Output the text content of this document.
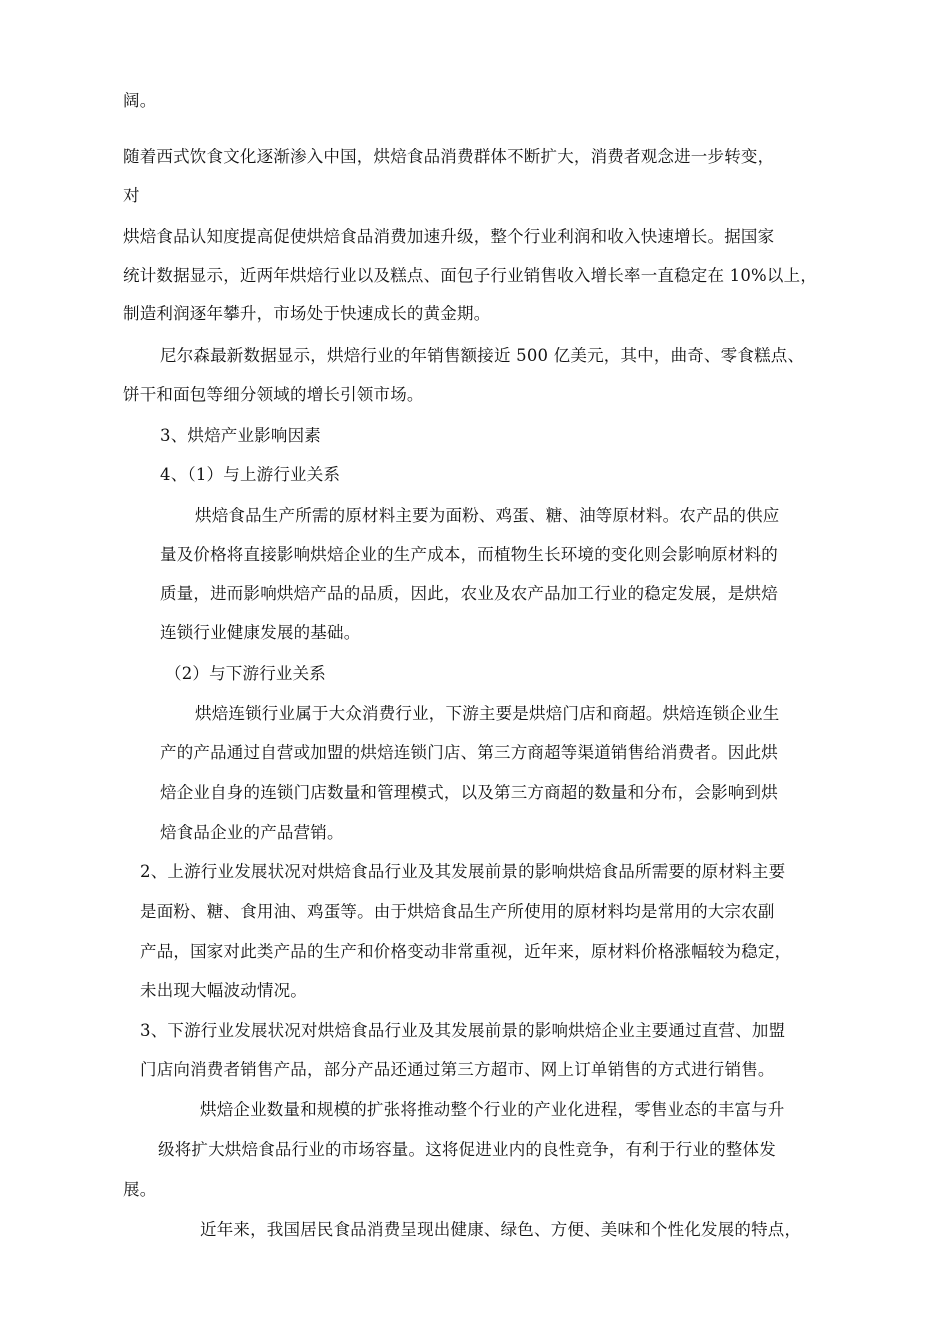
阔。
随着西式饮食文化逐渐渗入中国，烘焙食品消费群体不断扩大，消费者观念进一步转变，
对
烘焙食品认知度提高促使烘焙食品消费加速升级，整个行业利润和收入快速增长。据国家
统计数据显示，近两年烘焙行业以及糕点、面包子行业销售收入增长率一直稳定在 10%以上，
制造利润逐年攀升，市场处于快速成长的黄金期。
尼尔森最新数据显示，烘焙行业的年销售额接近 500 亿美元，其中，曲奇、零食糕点、
饼干和面包等细分领域的增长引领市场。
3、烘焙产业影响因素
4、（1）与上游行业关系
烘焙食品生产所需的原材料主要为面粉、鸡蛋、糖、油等原材料。农产品的供应
量及价格将直接影响烘焙企业的生产成本，而植物生长环境的变化则会影响原材料的
质量，进而影响烘焙产品的品质，因此，农业及农产品加工行业的稳定发展，是烘焙
连锁行业健康发展的基础。
（2）与下游行业关系
烘焙连锁行业属于大众消费行业，下游主要是烘焙门店和商超。烘焙连锁企业生
产的产品通过自营或加盟的烘焙连锁门店、第三方商超等渠道销售给消费者。因此烘
焙企业自身的连锁门店数量和管理模式，以及第三方商超的数量和分布，会影响到烘
焙食品企业的产品营销。
2、上游行业发展状况对烘焙食品行业及其发展前景的影响烘焙食品所需要的原材料主要
是面粉、糖、食用油、鸡蛋等。由于烘焙食品生产所使用的原材料均是常用的大宗农副
产品，国家对此类产品的生产和价格变动非常重视，近年来，原材料价格涨幅较为稳定，
未出现大幅波动情况。
3、下游行业发展状况对烘焙食品行业及其发展前景的影响烘焙企业主要通过直营、加盟
门店向消费者销售产品，部分产品还通过第三方超市、网上订单销售的方式进行销售。
烘焙企业数量和规模的扩张将推动整个行业的产业化进程，零售业态的丰富与升
级将扩大烘焙食品行业的市场容量。这将促进业内的良性竞争，有利于行业的整体发
展。
近年来，我国居民食品消费呈现出健康、绿色、方便、美味和个性化发展的特点，
